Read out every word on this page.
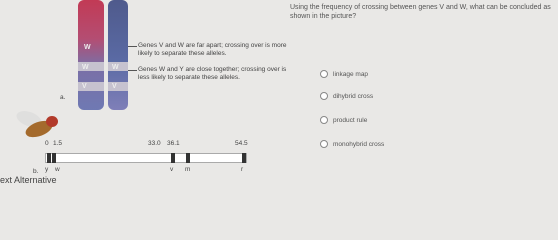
W
V
W
V
W	Genes V and W are far apart; crossing over is more likely to separate these alleles.
Genes W and Y are close together; crossing over is less likely to separate these alleles.
a.
b.
0 1.5	33.0 36.1	54.5
y w	v m	r
Using the frequency of crossing between genes V and W, what can be concluded as shown in the picture?
linkage map
dihybrid cross
product rule
monohybrid cross
ext Alternative
